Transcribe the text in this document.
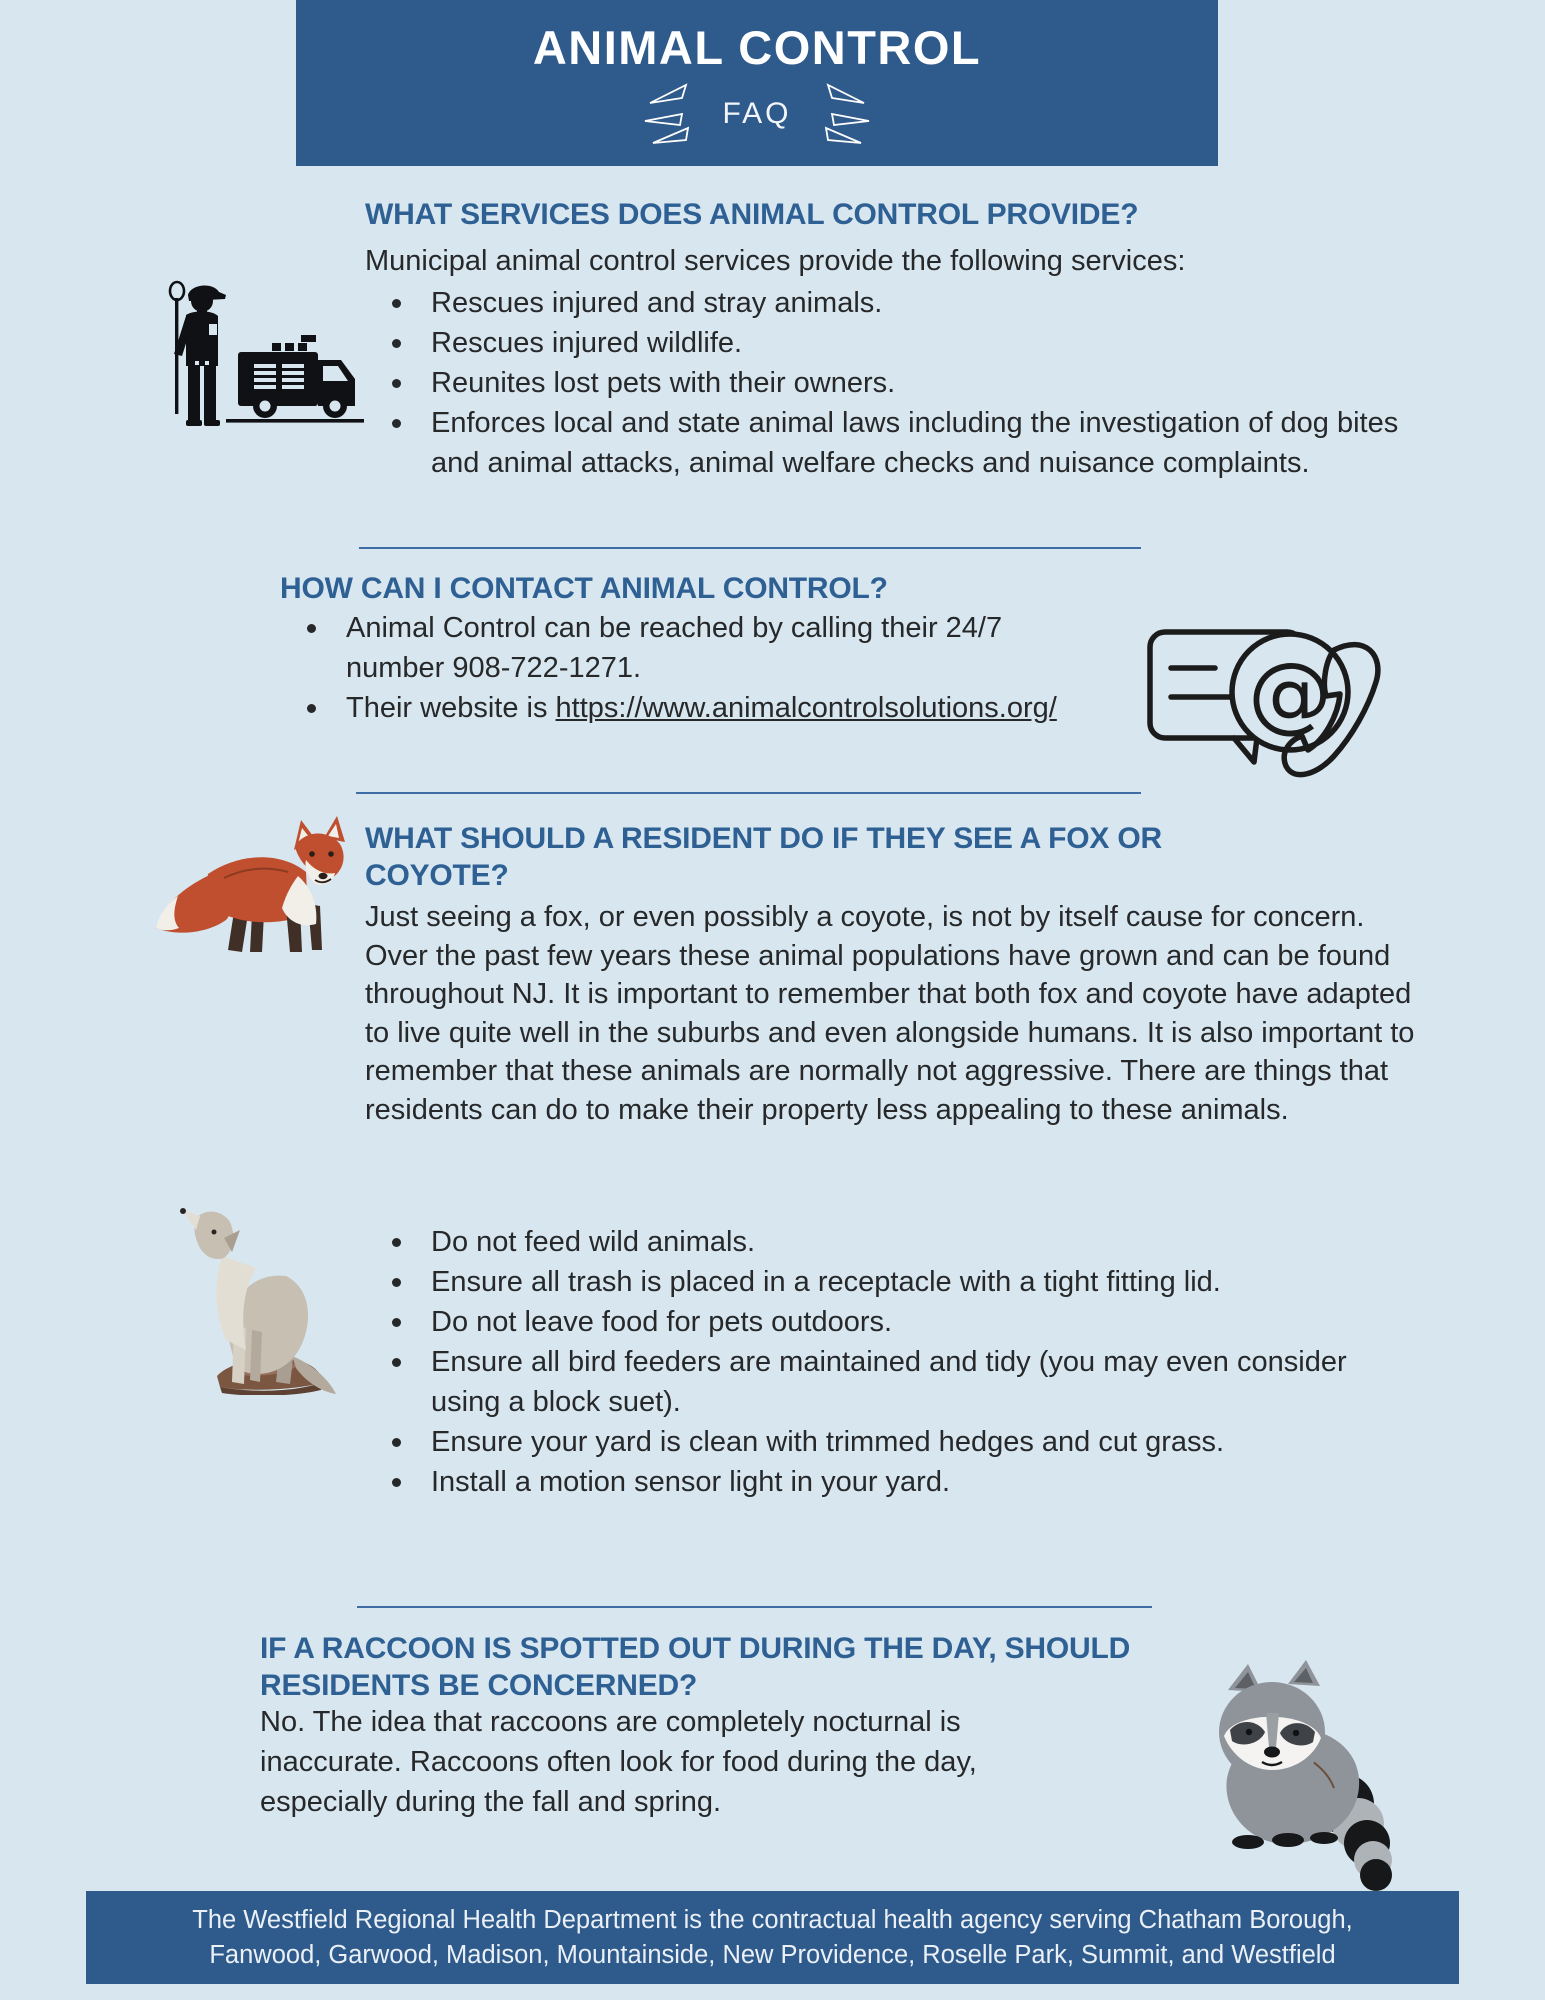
ANIMAL CONTROL
FAQ
WHAT SERVICES DOES ANIMAL CONTROL PROVIDE?

Municipal animal control services provide the following services:

Rescues injured and stray animals.
Rescues injured wildlife.
Reunites lost pets with their owners.
Enforces local and state animal laws including the investigation of dog bites and animal attacks, animal welfare checks and nuisance complaints.
HOW CAN I CONTACT ANIMAL CONTROL?
Animal Control can be reached by calling their 24/7 number 908-722-1271.
Their website is https://www.animalcontrolsolutions.org/	@
WHAT SHOULD A RESIDENT DO IF THEY SEE A FOX OR COYOTE?

Just seeing a fox, or even possibly a coyote, is not by itself cause for concern. Over the past few years these animal populations have grown and can be found throughout NJ. It is important to remember that both fox and coyote have adapted to live quite well in the suburbs and even alongside humans. It is also important to remember that these animals are normally not aggressive. There are things that residents can do to make their property less appealing to these animals.

Do not feed wild animals.
Ensure all trash is placed in a receptacle with a tight fitting lid.
Do not leave food for pets outdoors.
Ensure all bird feeders are maintained and tidy (you may even consider using a block suet).
Ensure your yard is clean with trimmed hedges and cut grass.
Install a motion sensor light in your yard.
IF A RACCOON IS SPOTTED OUT DURING THE DAY, SHOULD RESIDENTS BE CONCERNED?

No. The idea that raccoons are completely nocturnal is inaccurate. Raccoons often look for food during the day, especially during the fall and spring.

The Westfield Regional Health Department is the contractual health agency serving Chatham Borough, Fanwood, Garwood, Madison, Mountainside, New Providence, Roselle Park, Summit, and Westfield
